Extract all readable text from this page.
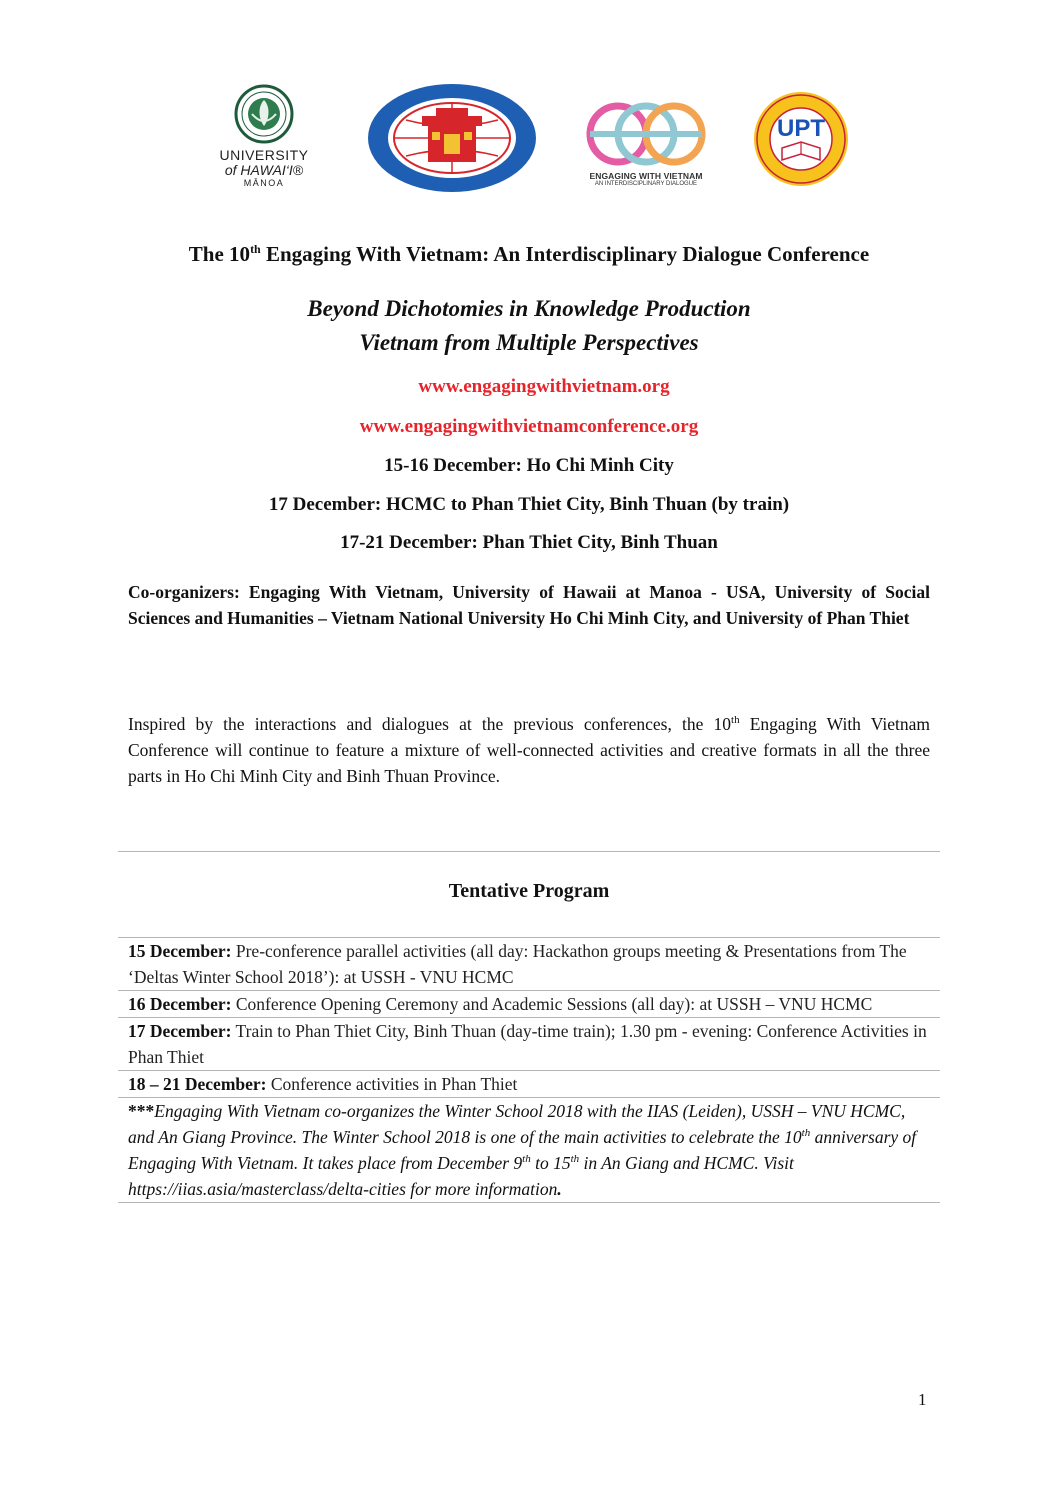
UNIVERSITY
of HAWAI‘I®
MĀNOA
ENGAGING WITH VIETNAM
AN INTERDISCIPLINARY DIALOGUE
UPT
The 10th Engaging With Vietnam: An Interdisciplinary Dialogue Conference
Beyond Dichotomies in Knowledge Production
Vietnam from Multiple Perspectives
www.engagingwithvietnam.org
www.engagingwithvietnamconference.org
15-16 December: Ho Chi Minh City
17 December: HCMC to Phan Thiet City, Binh Thuan (by train)
17-21 December: Phan Thiet City, Binh Thuan
Co-organizers: Engaging With Vietnam, University of Hawaii at Manoa - USA, University of Social Sciences and Humanities – Vietnam National University Ho Chi Minh City, and University of Phan Thiet
Inspired by the interactions and dialogues at the previous conferences, the 10th Engaging With Vietnam Conference will continue to feature a mixture of well-connected activities and creative formats in all the three parts in Ho Chi Minh City and Binh Thuan Province.
Tentative Program
15 December: Pre-conference parallel activities (all day: Hackathon groups meeting & Presentations from The ‘Deltas Winter School 2018’): at USSH - VNU HCMC
16 December: Conference Opening Ceremony and Academic Sessions (all day): at USSH – VNU HCMC
17 December: Train to Phan Thiet City, Binh Thuan (day-time train); 1.30 pm - evening: Conference Activities in Phan Thiet
18 – 21 December: Conference activities in Phan Thiet
***Engaging With Vietnam co-organizes the Winter School 2018 with the IIAS (Leiden), USSH – VNU HCMC, and An Giang Province. The Winter School 2018 is one of the main activities to celebrate the 10th anniversary of Engaging With Vietnam. It takes place from December 9th to 15th in An Giang and HCMC. Visit https://iias.asia/masterclass/delta-cities for more information.
1
